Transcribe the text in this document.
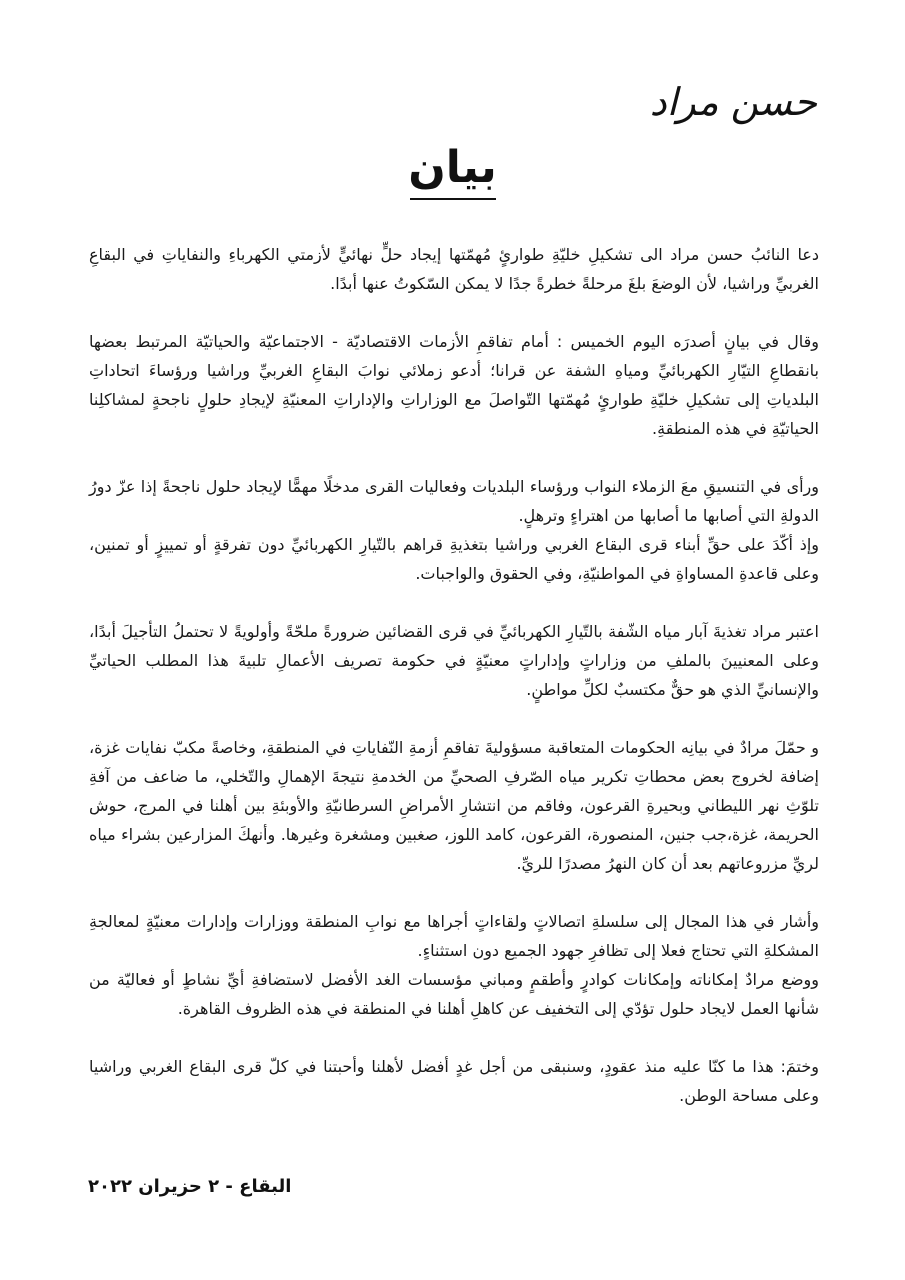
حسن مراد
بيان

دعا النائبُ حسن مراد الى تشكيلِ خليّةِ طوارئٍ مُهمّتها إيجاد حلٍّ نهائيٍّ لأزمتي الكهرباءِ والنفاياتِ في البقاعِ الغربيِّ وراشيا، لأن الوضعَ بلغَ مرحلةً خطرةً جدًا لا يمكن السّكوتُ عنها أبدًا.

وقال في بيانٍ أصدرَه اليوم الخميس : أمام تفاقمِ الأزمات الاقتصاديّة - الاجتماعيّة والحياتيّة المرتبط بعضها بانقطاعِ التيّارِ الكهربائيِّ ومياهِ الشفة عن قرانا؛ أدعو زملائي نوابَ البقاعِ الغربيِّ وراشيا ورؤساءَ اتحاداتِ البلدياتِ إلى تشكيلِ خليّةِ طوارئٍ مُهمّتها التّواصلَ مع الوزاراتِ والإداراتِ المعنيّةِ لإيجادِ حلولٍ ناجحةٍ لمشاكلِنا الحياتيّةِ في هذه المنطقةِ.

ورأى في التنسيقِ معَ الزملاء النواب ورؤساء البلديات وفعاليات القرى مدخلًا مهمًّا لإيجاد حلول ناجحةً إذا عزّ دورُ الدولةِ التي أصابها ما أصابها من اهتراءٍ وترهلٍ.

وإذ أكّدَ على حقِّ أبناء قرى البقاع الغربي وراشيا بتغذيةِ قراهم بالتّيارِ الكهربائيِّ دون تفرقةٍ أو تمييزٍ أو تمنين، وعلى قاعدةِ المساواةِ في المواطنيّةِ، وفي الحقوق والواجبات.

اعتبر مراد تغذيةَ آبار مياه الشّفة بالتّيارِ الكهربائيِّ في قرى القضائين ضرورةً ملحّةً وأولويةً لا تحتملُ التأجيلَ أبدًا، وعلى المعنيينَ بالملفِ من وزاراتٍ وإداراتٍ معنيّةٍ في حكومة تصريف الأعمالِ تلبيةَ هذا المطلب الحياتيِّ والإنسانيِّ الذي هو حقٌّ مكتسبٌ لكلِّ مواطنٍ.

و حمّلَ مرادٌ في بيانِه الحكومات المتعاقبة مسؤوليةَ تفاقمِ أزمةِ النّفاياتِ في المنطقةِ، وخاصةً مكبّ نفايات غزة، إضافة لخروج بعض محطاتِ تكرير مياه الصّرفِ الصحيِّ من الخدمةِ نتيجةَ الإهمالِ والتّخلي، ما ضاعف من آفةِ تلوّثِ نهر الليطاني وبحيرةِ القرعون، وفاقم من انتشارِ الأمراضِ السرطانيّةِ والأوبئةِ بين أهلنا في المرج، حوش الحريمة، غزة،جب جنين، المنصورة، القرعون، كامد اللوز، صغبين ومشغرة وغيرها. وأنهكَ المزارعين بشراء مياه لريِّ مزروعاتهم بعد أن كان النهرُ مصدرًا للريِّ.

وأشار في هذا المجال إلى سلسلةِ اتصالاتٍ ولقاءاتٍ أجراها مع نوابِ المنطقة ووزارات وإدارات معنيّةٍ لمعالجةِ المشكلةِ التي تحتاج فعلا إلى تظافرِ جهود الجميع دون استثناءٍ.

ووضع مرادٌ إمكاناته وإمكانات كوادرٍ وأطقمٍ ومباني مؤسسات الغد الأفضل لاستضافةِ أيِّ نشاطٍ أو فعاليّة من شأنها العمل لايجاد حلول تؤدّي إلى التخفيف عن كاهلِ أهلنا في المنطقة في هذه الظروف القاهرة.

وختمَ: هذا ما كنّا عليه منذ عقودٍ، وسنبقى من أجل غدٍ أفضل لأهلنا وأحبتنا في كلّ قرى البقاع الغربي وراشيا وعلى مساحة الوطن.

البقاع - ٢ حزيران ٢٠٢٢
